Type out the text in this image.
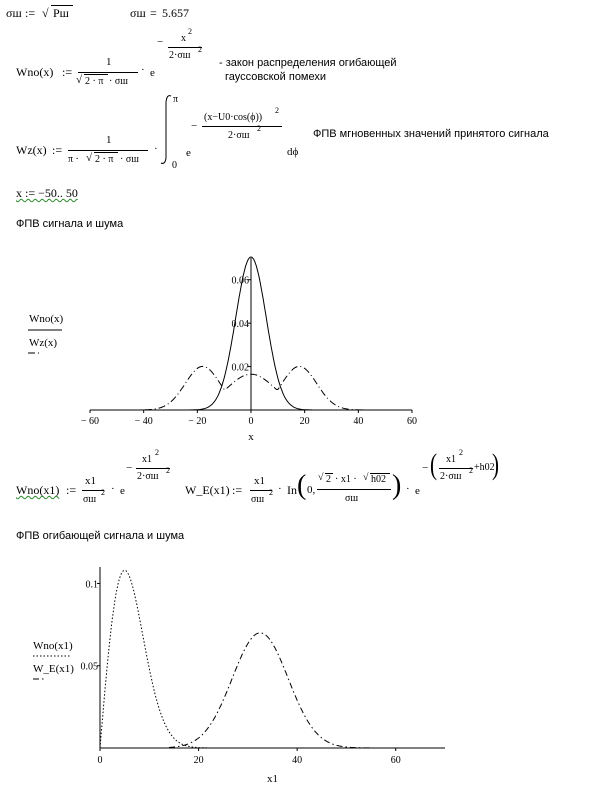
σш := √ Pш	σш = 5.657
Wno(x) :=
1
√ 2 · π · σш
· e
− x
2
2·σш
2
- закон распределения огибающей
гауссовской помехи
Wz(x) :=
1
π · √ 2 · π · σш
·
π
0
e
−
(x−U0·cos(ϕ))
2
2·σш
2
dϕ
ФПВ мгновенных значений принятого сигнала
x := −50.. 50
ФПВ сигнала и шума
− 60	− 40	− 20	0	20	40	60
0.02
0.04
0.06
x
Wno(x)
Wz(x)
Wno(x1) :=
x1
σш
2 · e
−
x1
2
2·σш
2
W_E(x1) :=
x1
σш
2 · In ( 0,
√ 2 · x1 · √ h02
σш ) · e
− ( x1
2
2·σш
2 +h02
)
ФПВ огибающей сигнала и шума
0	20	40	60
0.05
0.1
x1
Wno(x1)
W_E(x1)
